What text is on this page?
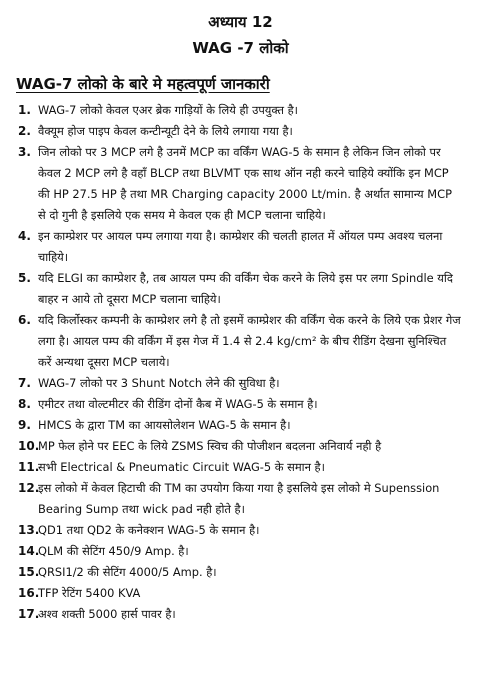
अध्याय 12
WAG -7 लोको
WAG-7 लोको के बारे मे महत्वपूर्ण जानकारी
1. WAG-7 लोको केवल एअर ब्रेक गाड़ियों के लिये ही उपयुक्त है।
2. वैक्यूम होज पाइप केवल कन्टीन्यूटी देने के लिये लगाया गया है।
3. जिन लोको पर 3 MCP लगे है उनमें MCP का वर्किंग WAG-5 के समान है लेकिन जिन लोको पर केवल 2 MCP लगे है वहॉं BLCP तथा BLVMT एक साथ ऑन नही करने चाहिये क्योंकि इन MCP की HP 27.5 HP है तथा MR Charging capacity 2000 Lt/min. है अर्थात सामान्य MCP से दो गुनी है इसलिये एक समय मे केवल एक ही MCP चलाना चाहिये।
4. इन काम्प्रेशर पर आयल पम्प लगाया गया है। काम्प्रेशर की चलती हालत में ऑयल पम्प अवश्य चलना चाहिये।
5. यदि ELGI का काम्प्रेशर है, तब आयल पम्प की वर्किंग चेक करने के लिये इस पर लगा Spindle यदि बाहर न आये तो दूसरा MCP चलाना चाहिये।
6. यदि किर्लोस्कर कम्पनी के काम्प्रेशर लगे है तो इसमें काम्प्रेशर की वर्किंग चेक करने के लिये एक प्रेशर गेज लगा है। आयल पम्प की वर्किंग में इस गेज में 1.4 से 2.4 kg/cm² के बीच रीडिंग देखना सुनिश्चित करें अन्यथा दूसरा MCP चलाये।
7. WAG-7 लोको पर 3 Shunt Notch लेने की सुविधा है।
8. एमीटर तथा वोल्टमीटर की रीडिंग दोनों कैब में WAG-5 के समान है।
9. HMCS के द्वारा TM का आयसोलेशन WAG-5 के समान है।
10.
MP फेल होने पर EEC के लिये ZSMS स्विच की पोजीशन बदलना अनिवार्य नही है
11.
सभी Electrical & Pneumatic Circuit WAG-5 के समान है।
12.
इस लोको में केवल हिटाची की TM का उपयोग किया गया है इसलिये इस लोको मे Supenssion Bearing Sump तथा wick pad नही होते है।
13.
QD1 तथा QD2 के कनेक्शन WAG-5 के समान है।
14.
QLM की सेटिंग 450/9 Amp. है।
15.
QRSI1/2 की सेटिंग 4000/5 Amp. है।
16.
TFP रेटिंग 5400 KVA
17.
अश्व शक्ती 5000 हार्स पावर है।
